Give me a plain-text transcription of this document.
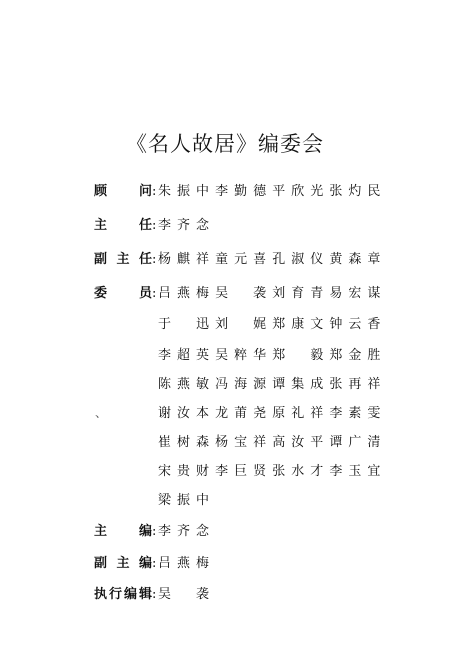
《名人故居》编委会
顾问: 朱振中 李勤德 平欣光 张灼民
主任: 李齐念
副主任: 杨麒祥 童元喜 孔淑仪 黄森章
委员: 吕燕梅 吴袭 刘育青 易宏谋
于迅 刘娓 郑康文 钟云香
李超英 吴粹华 郑毅 郑金胜
陈燕敏 冯海源 谭集成 张再祥
、	谢汝本 龙莆尧 原礼祥 李素雯
崔树森 杨宝祥 高汝平 谭广清
宋贵财 李巨贤 张水才 李玉宜
梁振中
主编: 李齐念
副主编: 吕燕梅
执行编辑: 吴袭
